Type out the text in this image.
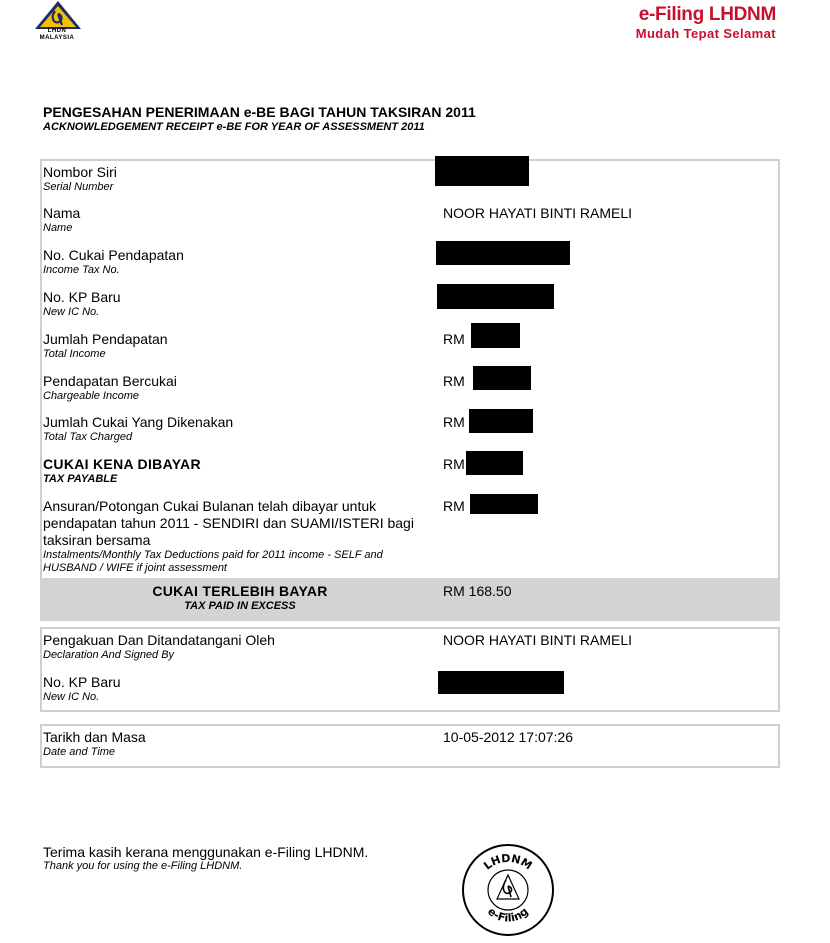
LHDN
MALAYSIA
e-Filing LHDNM
Mudah Tepat Selamat
PENGESAHAN PENERIMAAN e-BE BAGI TAHUN TAKSIRAN 2011
ACKNOWLEDGEMENT RECEIPT e-BE FOR YEAR OF ASSESSMENT 2011
Nombor Siri
Serial Number
Nama
Name
NOOR HAYATI BINTI RAMELI
No. Cukai Pendapatan
Income Tax No.
No. KP Baru
New IC No.
Jumlah Pendapatan
Total Income
RM
Pendapatan Bercukai
Chargeable Income
RM
Jumlah Cukai Yang Dikenakan
Total Tax Charged
RM
CUKAI KENA DIBAYAR
TAX PAYABLE
RM
Ansuran/Potongan Cukai Bulanan telah dibayar untuk pendapatan tahun 2011 - SENDIRI dan SUAMI/ISTERI bagi taksiran bersama
Instalments/Monthly Tax Deductions paid for 2011 income - SELF and HUSBAND / WIFE if joint assessment
RM
CUKAI TERLEBIH BAYAR
TAX PAID IN EXCESS
RM 168.50
Pengakuan Dan Ditandatangani Oleh
Declaration And Signed By
NOOR HAYATI BINTI RAMELI
No. KP Baru
New IC No.
Tarikh dan Masa
Date and Time
10-05-2012 17:07:26
Terima kasih kerana menggunakan e-Filing LHDNM.
Thank you for using the e-Filing LHDNM.	LHDNM
e-Filing
